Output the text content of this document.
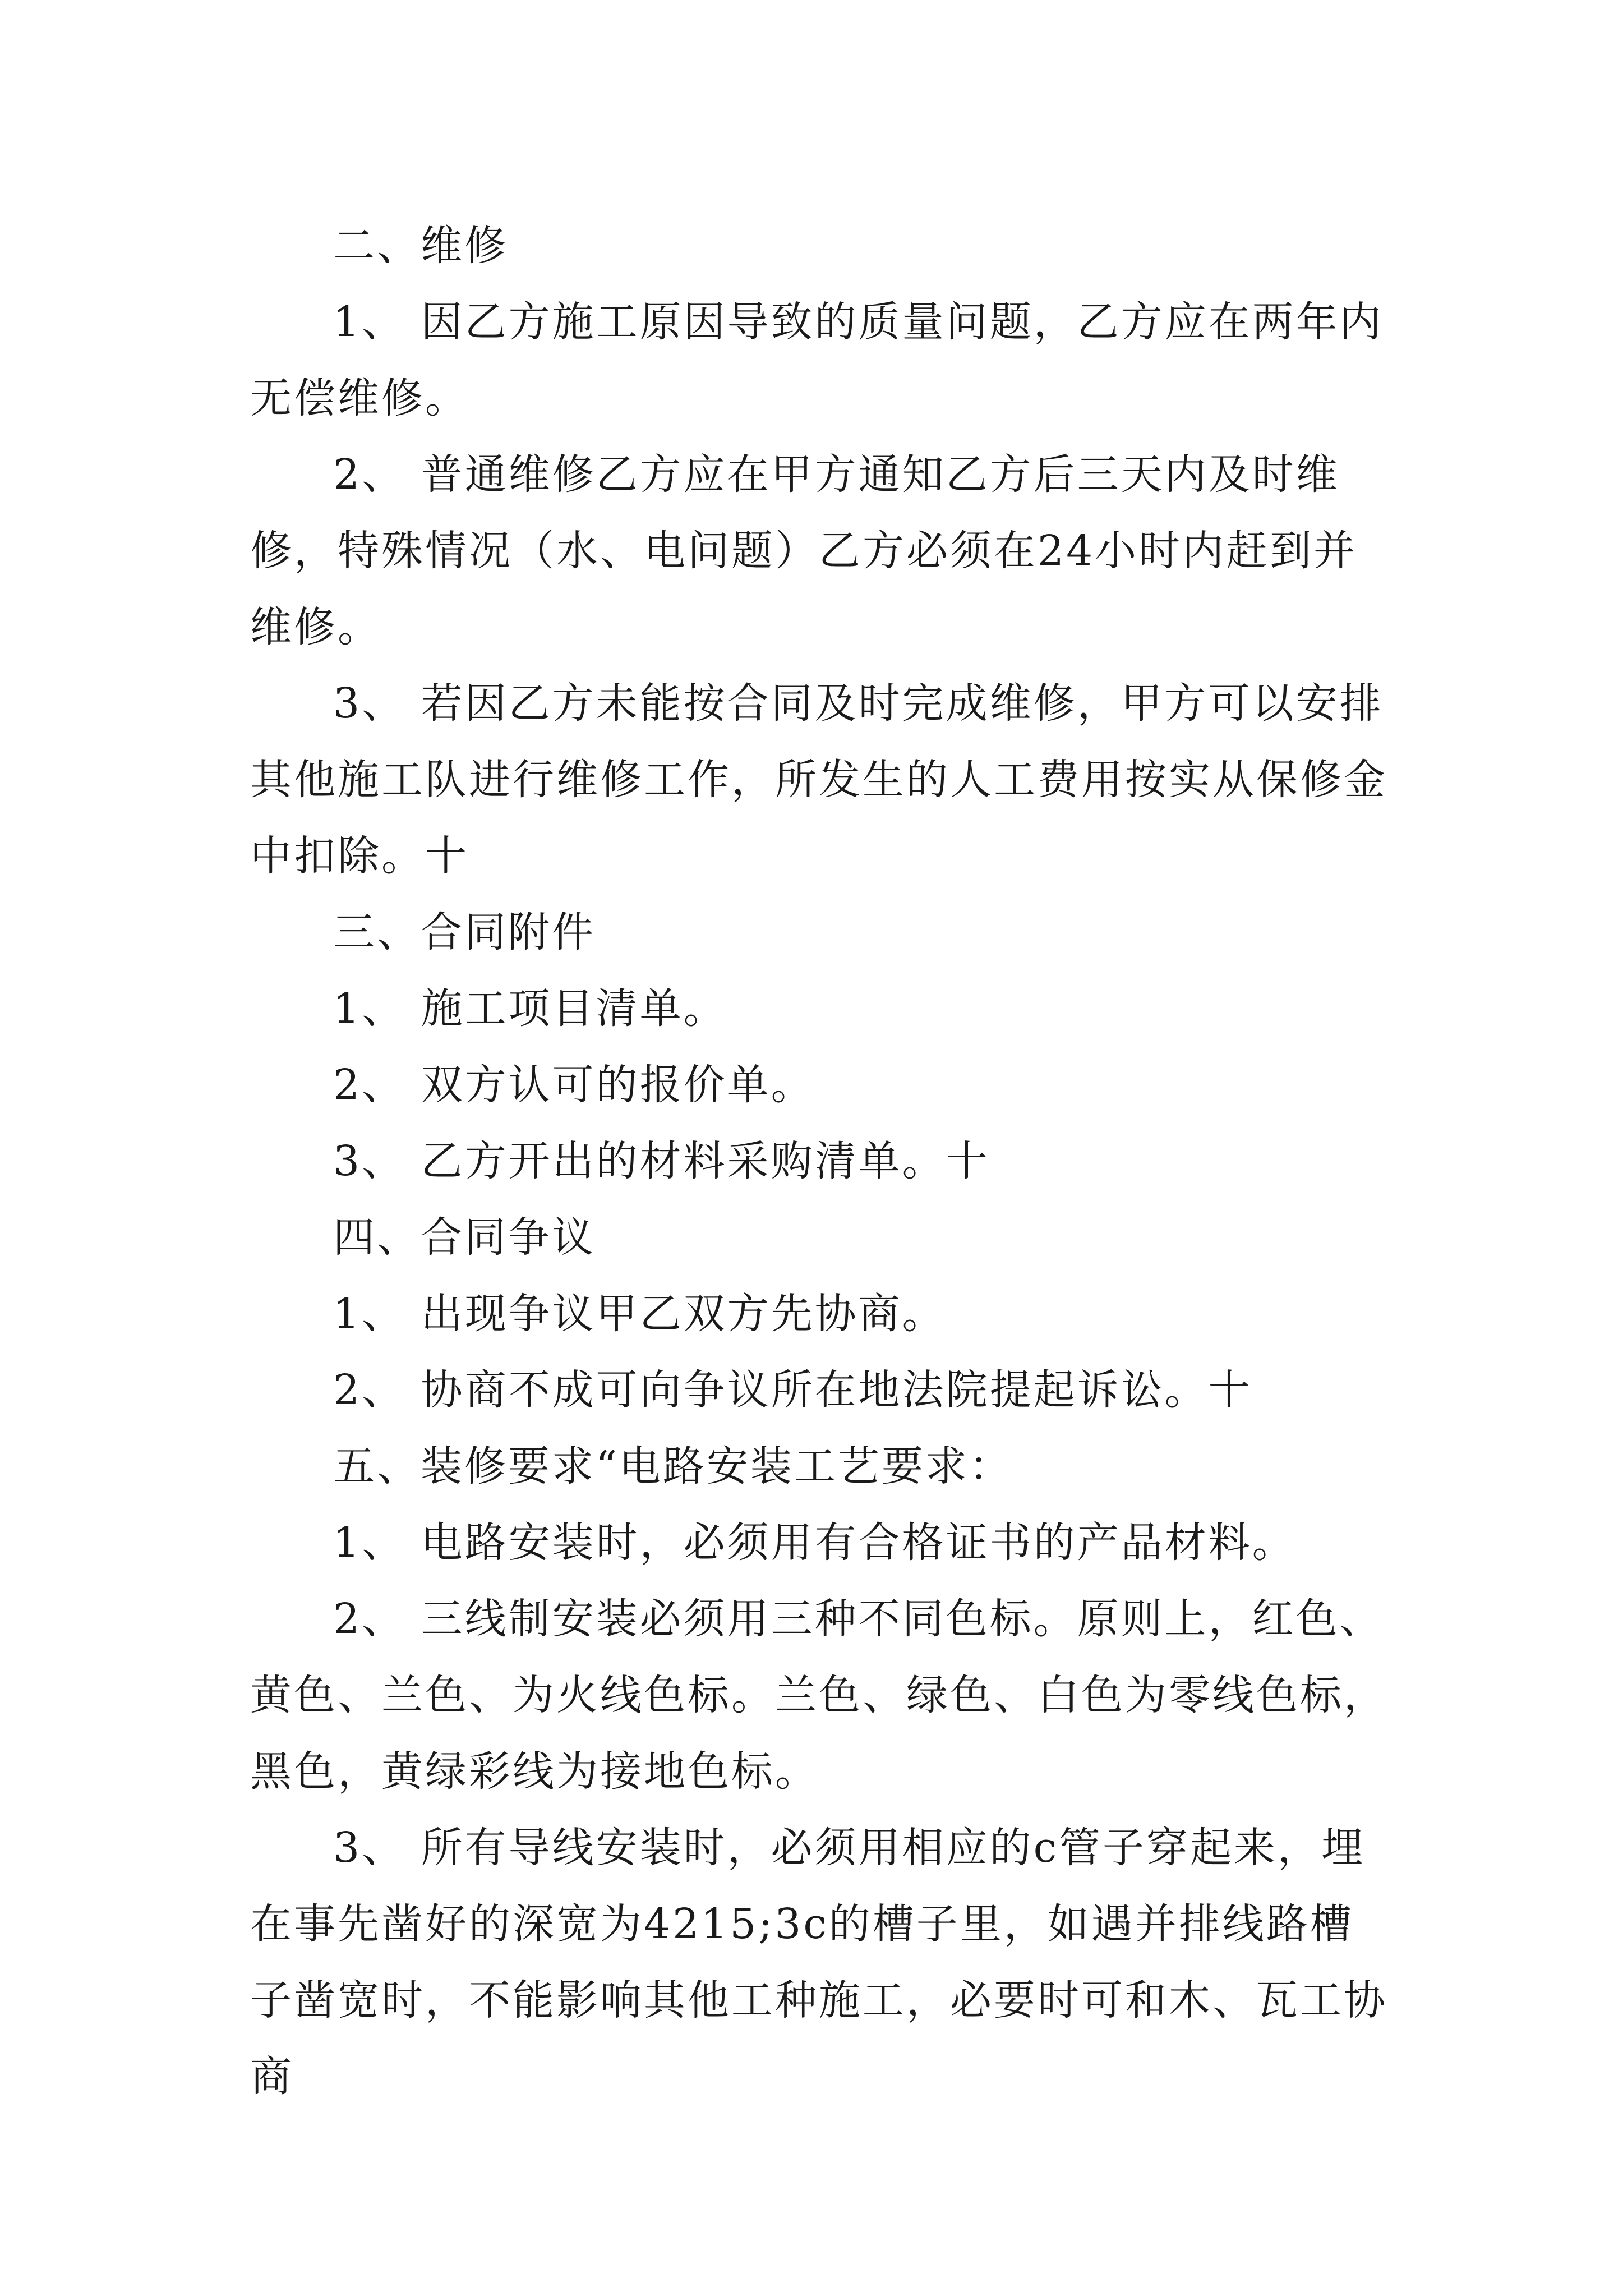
二、维修

1、 因乙方施工原因导致的质量问题，乙方应在两年内无偿维修。

2、 普通维修乙方应在甲方通知乙方后三天内及时维修，特殊情况（水、电问题）乙方必须在24小时内赶到并维修。

3、 若因乙方未能按合同及时完成维修，甲方可以安排其他施工队进行维修工作，所发生的人工费用按实从保修金中扣除。十

三、合同附件

1、 施工项目清单。

2、 双方认可的报价单。

3、 乙方开出的材料采购清单。十

四、合同争议

1、 出现争议甲乙双方先协商。

2、 协商不成可向争议所在地法院提起诉讼。十

五、装修要求“电路安装工艺要求：

1、 电路安装时，必须用有合格证书的产品材料。

2、 三线制安装必须用三种不同色标。原则上，红色、黄色、兰色、为火线色标。兰色、绿色、白色为零线色标，黑色，黄绿彩线为接地色标。

3、 所有导线安装时，必须用相应的c管子穿起来，埋在事先凿好的深宽为4215;3c的槽子里，如遇并排线路槽子凿宽时，不能影响其他工种施工，必要时可和木、瓦工协商
